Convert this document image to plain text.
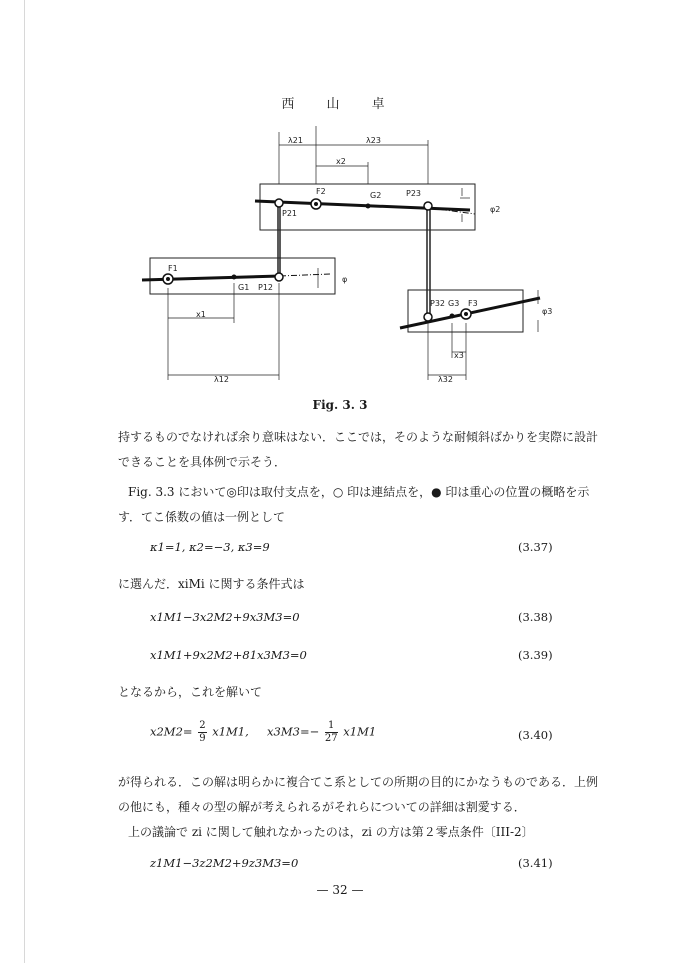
西 山 卓
λ21	λ23
x2
F2	G2	P23
P21	φ2
F1
G1 P12
φ
x1
λ12
P32 G3 F3
φ3
x3
λ32
Fig. 3. 3
持するものでなければ余り意味はない．ここでは，そのような耐傾斜ばかりを実際に設計
できることを具体例で示そう．
Fig. 3.3 において◎印は取付支点を，○ 印は連結点を，● 印は重心の位置の概略を示
す．てこ係数の値は一例として
κ1=1, κ2=−3, κ3=9	(3.37)
に選んだ．xiMi に関する条件式は
x1M1−3x2M2+9x3M3=0	(3.38)
x1M1+9x2M2+81x3M3=0	(3.39)
となるから，これを解いて
$x2M2= \frac{2}{9} x1M1$,     $x3M3=- \frac{1}{27} x1M1$	(3.40)
が得られる．この解は明らかに複合てこ系としての所期の目的にかなうものである．上例
の他にも，種々の型の解が考えられるがそれらについての詳細は割愛する．
上の議論で zi に関して触れなかったのは，zi の方は第２零点条件〔III-2〕
z1M1−3z2M2+9z3M3=0	(3.41)
— 32 —
